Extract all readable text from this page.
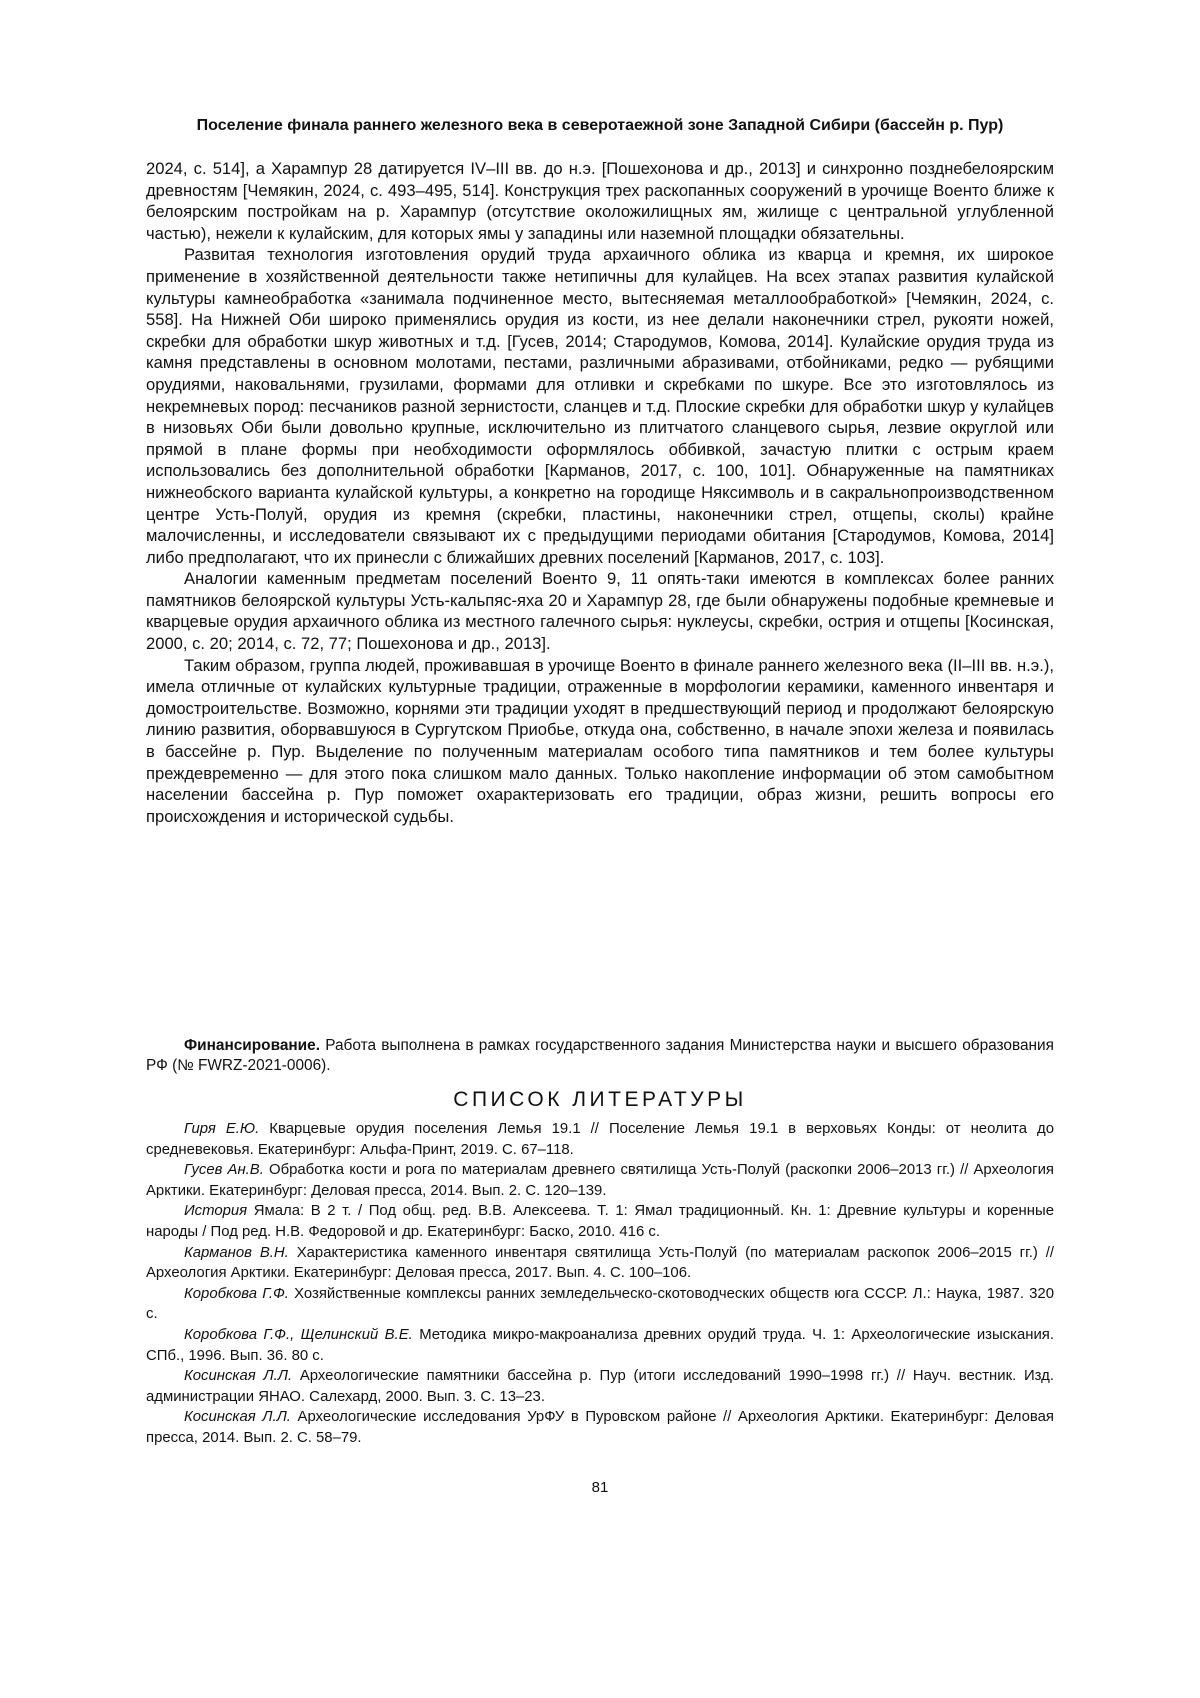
Поселение финала раннего железного века в северотаежной зоне Западной Сибири (бассейн р. Пур)

2024, с. 514], а Харампур 28 датируется IV–III вв. до н.э. [Пошехонова и др., 2013] и синхронно позднебелоярским древностям [Чемякин, 2024, с. 493–495, 514]. Конструкция трех раскопанных сооружений в урочище Военто ближе к белоярским постройкам на р. Харампур (отсутствие околожилищных ям, жилище с центральной углубленной частью), нежели к кулайским, для которых ямы у западины или наземной площадки обязательны.

Развитая технология изготовления орудий труда архаичного облика из кварца и кремня, их широкое применение в хозяйственной деятельности также нетипичны для кулайцев. На всех этапах развития кулайской культуры камнеобработка «занимала подчиненное место, вытесняемая металлообработкой» [Чемякин, 2024, с. 558]. На Нижней Оби широко применялись орудия из кости, из нее делали наконечники стрел, рукояти ножей, скребки для обработки шкур животных и т.д. [Гусев, 2014; Стародумов, Комова, 2014]. Кулайские орудия труда из камня представлены в основном молотами, пестами, различными абразивами, отбойниками, редко — рубящими орудиями, наковальнями, грузилами, формами для отливки и скребками по шкуре. Все это изготовлялось из некремневых пород: песчаников разной зернистости, сланцев и т.д. Плоские скребки для обработки шкур у кулайцев в низовьях Оби были довольно крупные, исключительно из плитчатого сланцевого сырья, лезвие округлой или прямой в плане формы при необходимости оформлялось оббивкой, зачастую плитки с острым краем использовались без дополнительной обработки [Карманов, 2017, с. 100, 101]. Обнаруженные на памятниках нижнеобского варианта кулайской культуры, а конкретно на городище Няксимволь и в сакральнопроизводственном центре Усть-Полуй, орудия из кремня (скребки, пластины, наконечники стрел, отщепы, сколы) крайне малочисленны, и исследователи связывают их с предыдущими периодами обитания [Стародумов, Комова, 2014] либо предполагают, что их принесли с ближайших древних поселений [Карманов, 2017, с. 103].

Аналогии каменным предметам поселений Военто 9, 11 опять-таки имеются в комплексах более ранних памятников белоярской культуры Усть-кальпяс-яха 20 и Харампур 28, где были обнаружены подобные кремневые и кварцевые орудия архаичного облика из местного галечного сырья: нуклеусы, скребки, острия и отщепы [Косинская, 2000, с. 20; 2014, с. 72, 77; Пошехонова и др., 2013].

Таким образом, группа людей, проживавшая в урочище Военто в финале раннего железного века (II–III вв. н.э.), имела отличные от кулайских культурные традиции, отраженные в морфологии керамики, каменного инвентаря и домостроительстве. Возможно, корнями эти традиции уходят в предшествующий период и продолжают белоярскую линию развития, оборвавшуюся в Сургутском Приобье, откуда она, собственно, в начале эпохи железа и появилась в бассейне р. Пур. Выделение по полученным материалам особого типа памятников и тем более культуры преждевременно — для этого пока слишком мало данных. Только накопление информации об этом самобытном населении бассейна р. Пур поможет охарактеризовать его традиции, образ жизни, решить вопросы его происхождения и исторической судьбы.

Финансирование. Работа выполнена в рамках государственного задания Министерства науки и высшего образования РФ (№ FWRZ-2021-0006).
СПИСОК ЛИТЕРАТУРЫ

Гиря Е.Ю. Кварцевые орудия поселения Лемья 19.1 // Поселение Лемья 19.1 в верховьях Конды: от неолита до средневековья. Екатеринбург: Альфа-Принт, 2019. С. 67–118.

Гусев Ан.В. Обработка кости и рога по материалам древнего святилища Усть-Полуй (раскопки 2006–2013 гг.) // Археология Арктики. Екатеринбург: Деловая пресса, 2014. Вып. 2. С. 120–139.

История Ямала: В 2 т. / Под общ. ред. В.В. Алексеева. Т. 1: Ямал традиционный. Кн. 1: Древние культуры и коренные народы / Под ред. Н.В. Федоровой и др. Екатеринбург: Баско, 2010. 416 с.

Карманов В.Н. Характеристика каменного инвентаря святилища Усть-Полуй (по материалам раскопок 2006–2015 гг.) // Археология Арктики. Екатеринбург: Деловая пресса, 2017. Вып. 4. С. 100–106.

Коробкова Г.Ф. Хозяйственные комплексы ранних земледельческо-скотоводческих обществ юга СССР. Л.: Наука, 1987. 320 с.

Коробкова Г.Ф., Щелинский В.Е. Методика микро-макроанализа древних орудий труда. Ч. 1: Археологические изыскания. СПб., 1996. Вып. 36. 80 с.

Косинская Л.Л. Археологические памятники бассейна р. Пур (итоги исследований 1990–1998 гг.) // Науч. вестник. Изд. администрации ЯНАО. Салехард, 2000. Вып. 3. С. 13–23.

Косинская Л.Л. Археологические исследования УрФУ в Пуровском районе // Археология Арктики. Екатеринбург: Деловая пресса, 2014. Вып. 2. С. 58–79.

81
